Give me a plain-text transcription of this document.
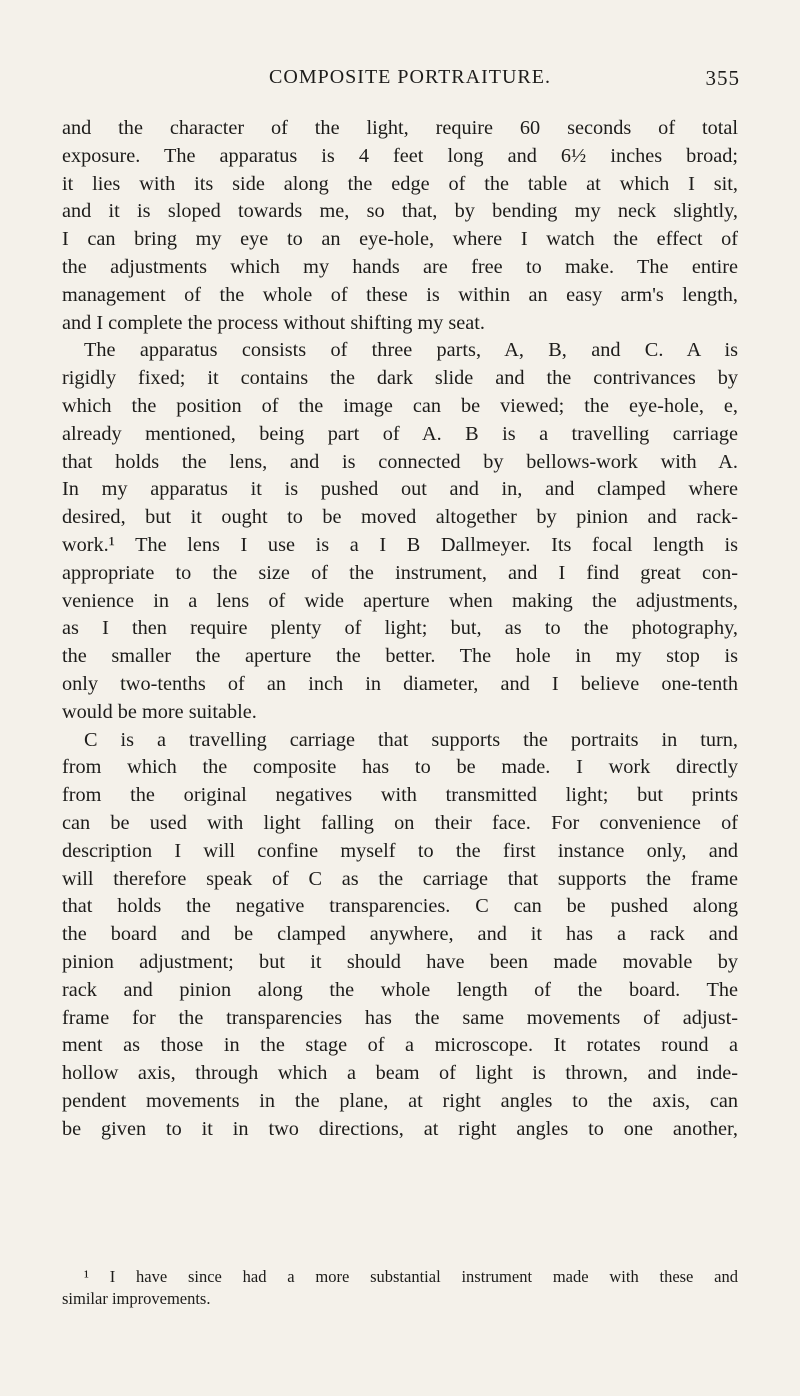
COMPOSITE PORTRAITURE.	355
and the character of the light, require 60 seconds of total
exposure. The apparatus is 4 feet long and 6½ inches broad;
it lies with its side along the edge of the table at which I sit,
and it is sloped towards me, so that, by bending my neck slightly,
I can bring my eye to an eye-hole, where I watch the effect of
the adjustments which my hands are free to make. The entire
management of the whole of these is within an easy arm's length,
and I complete the process without shifting my seat.
The apparatus consists of three parts, A, B, and C. A is
rigidly fixed; it contains the dark slide and the contrivances by
which the position of the image can be viewed; the eye-hole, e,
already mentioned, being part of A. B is a travelling carriage
that holds the lens, and is connected by bellows-work with A.
In my apparatus it is pushed out and in, and clamped where
desired, but it ought to be moved altogether by pinion and rack-
work.¹ The lens I use is a I B Dallmeyer. Its focal length is
appropriate to the size of the instrument, and I find great con-
venience in a lens of wide aperture when making the adjustments,
as I then require plenty of light; but, as to the photography,
the smaller the aperture the better. The hole in my stop is
only two-tenths of an inch in diameter, and I believe one-tenth
would be more suitable.
C is a travelling carriage that supports the portraits in turn,
from which the composite has to be made. I work directly
from the original negatives with transmitted light; but prints
can be used with light falling on their face. For convenience of
description I will confine myself to the first instance only, and
will therefore speak of C as the carriage that supports the frame
that holds the negative transparencies. C can be pushed along
the board and be clamped anywhere, and it has a rack and
pinion adjustment; but it should have been made movable by
rack and pinion along the whole length of the board. The
frame for the transparencies has the same movements of adjust-
ment as those in the stage of a microscope. It rotates round a
hollow axis, through which a beam of light is thrown, and inde-
pendent movements in the plane, at right angles to the axis, can
be given to it in two directions, at right angles to one another,
¹ I have since had a more substantial instrument made with these and
similar improvements.
